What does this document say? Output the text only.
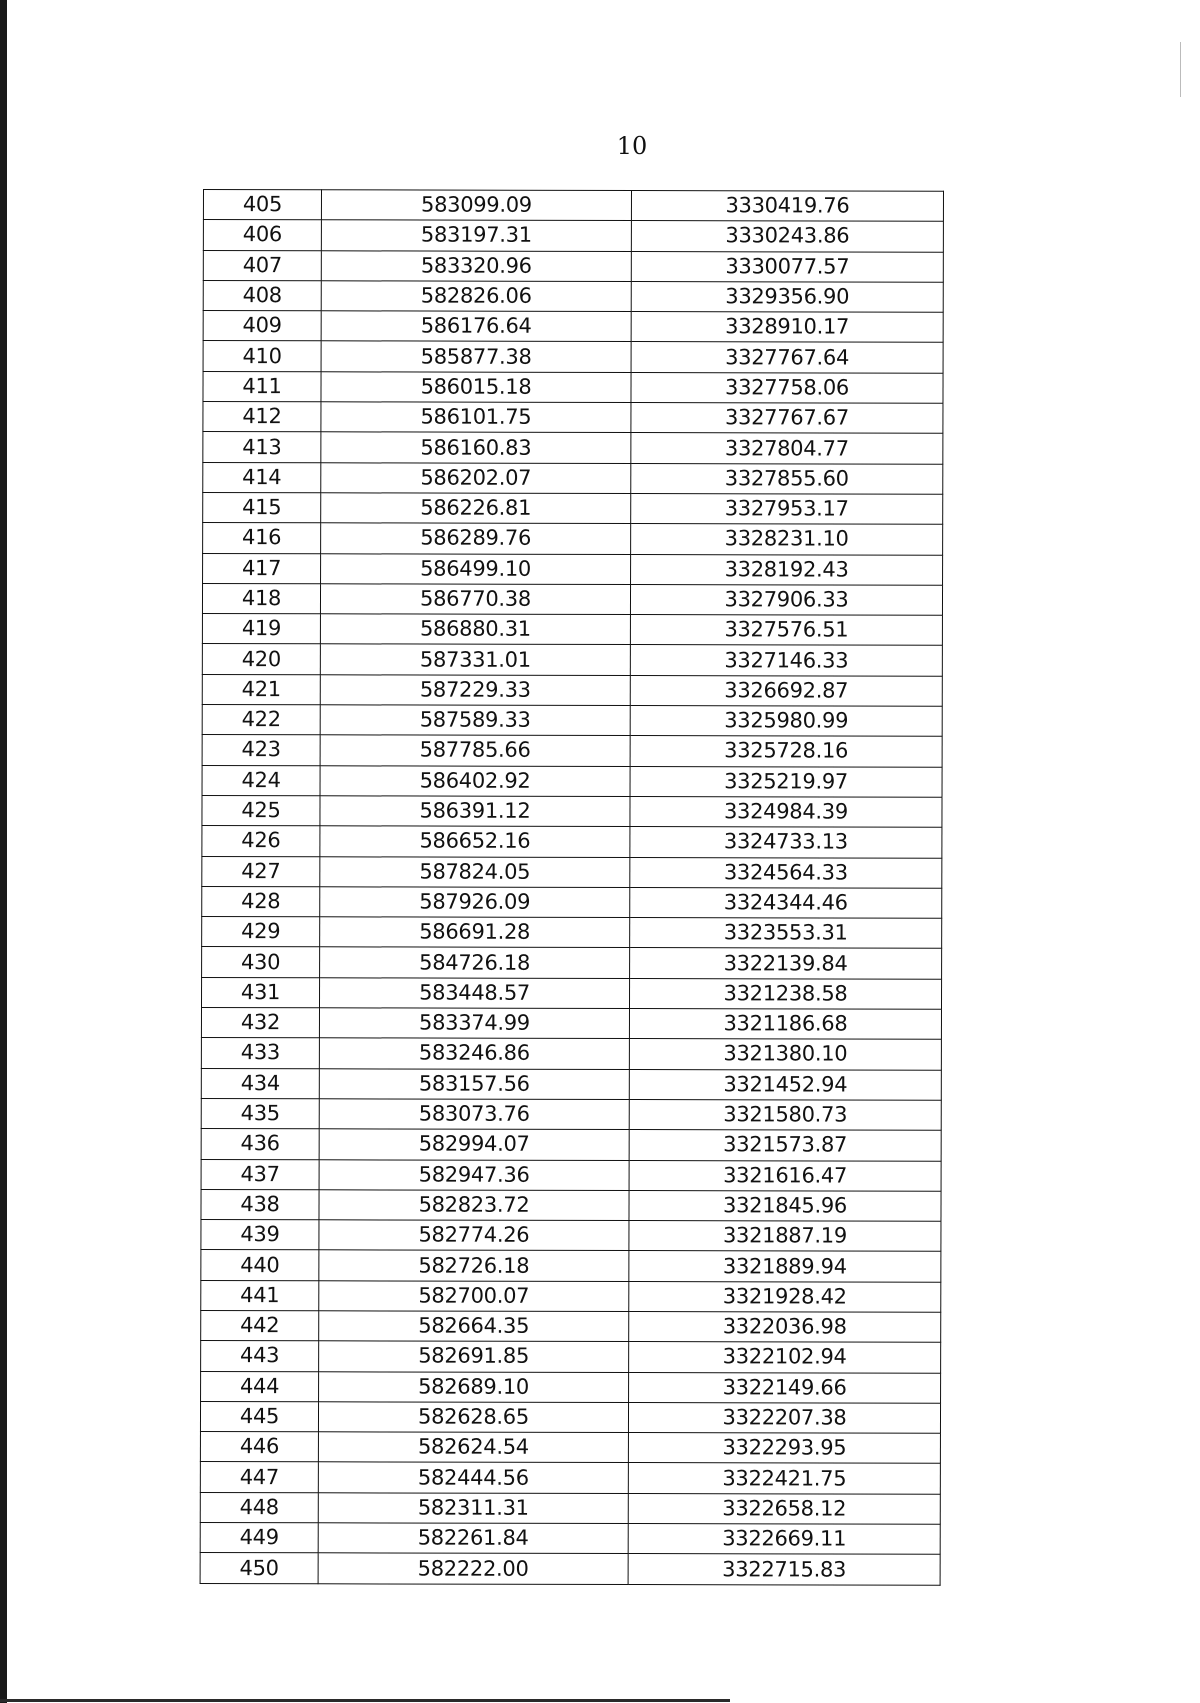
10
405	583099.09	3330419.76
406	583197.31	3330243.86
407	583320.96	3330077.57
408	582826.06	3329356.90
409	586176.64	3328910.17
410	585877.38	3327767.64
411	586015.18	3327758.06
412	586101.75	3327767.67
413	586160.83	3327804.77
414	586202.07	3327855.60
415	586226.81	3327953.17
416	586289.76	3328231.10
417	586499.10	3328192.43
418	586770.38	3327906.33
419	586880.31	3327576.51
420	587331.01	3327146.33
421	587229.33	3326692.87
422	587589.33	3325980.99
423	587785.66	3325728.16
424	586402.92	3325219.97
425	586391.12	3324984.39
426	586652.16	3324733.13
427	587824.05	3324564.33
428	587926.09	3324344.46
429	586691.28	3323553.31
430	584726.18	3322139.84
431	583448.57	3321238.58
432	583374.99	3321186.68
433	583246.86	3321380.10
434	583157.56	3321452.94
435	583073.76	3321580.73
436	582994.07	3321573.87
437	582947.36	3321616.47
438	582823.72	3321845.96
439	582774.26	3321887.19
440	582726.18	3321889.94
441	582700.07	3321928.42
442	582664.35	3322036.98
443	582691.85	3322102.94
444	582689.10	3322149.66
445	582628.65	3322207.38
446	582624.54	3322293.95
447	582444.56	3322421.75
448	582311.31	3322658.12
449	582261.84	3322669.11
450	582222.00	3322715.83
